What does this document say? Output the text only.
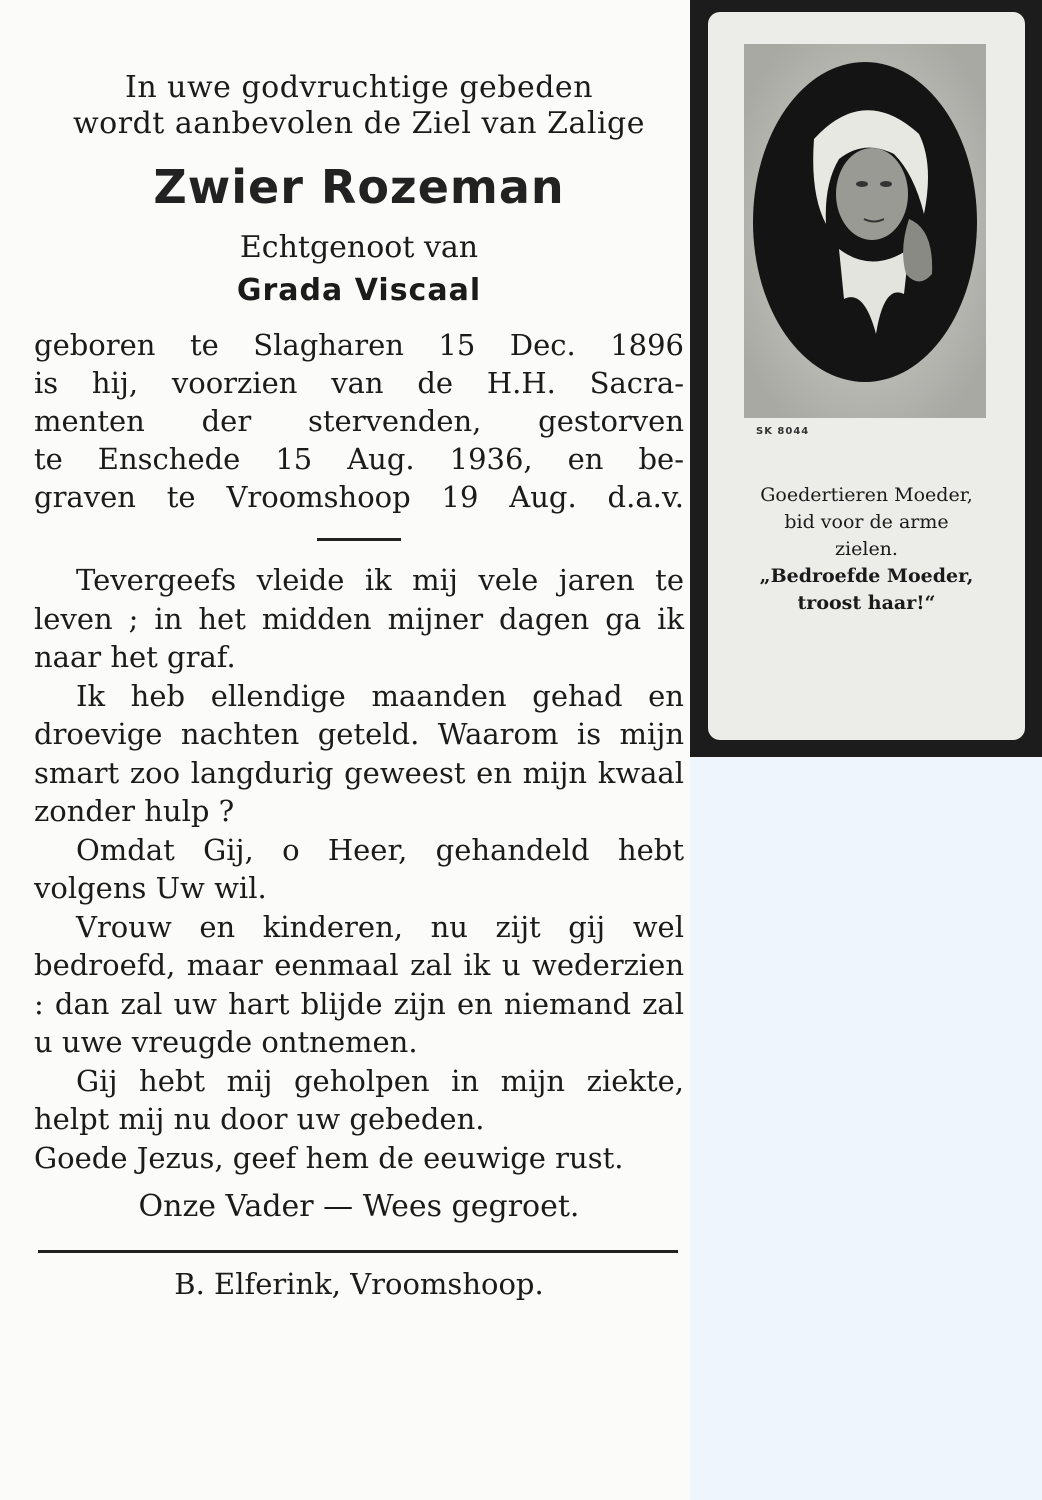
In uwe godvruchtige gebeden
wordt aanbevolen de Ziel van Zalige
Zwier Rozeman
Echtgenoot van
Grada Viscaal
geboren te Slagharen 15 Dec. 1896
is hij, voorzien van de H.H. Sacra-
menten der stervenden, gestorven
te Enschede 15 Aug. 1936, en be-
graven te Vroomshoop 19 Aug. d.a.v.

Tevergeefs vleide ik mij vele jaren te leven ; in het midden mijner dagen ga ik naar het graf.

Ik heb ellendige maanden gehad en droevige nachten geteld. Waarom is mijn smart zoo langdurig geweest en mijn kwaal zonder hulp ?

Omdat Gij, o Heer, gehandeld hebt volgens Uw wil.

Vrouw en kinderen, nu zijt gij wel bedroefd, maar eenmaal zal ik u wederzien : dan zal uw hart blijde zijn en niemand zal u uwe vreugde ontnemen.

Gij hebt mij geholpen in mijn ziekte, helpt mij nu door uw gebeden.

Goede Jezus, geef hem de eeuwige rust.

Onze Vader — Wees gegroet.
B. Elferink, Vroomshoop.
SK 8044
Goedertieren Moeder,
bid voor de arme
zielen.
„Bedroefde Moeder,
troost haar!“
